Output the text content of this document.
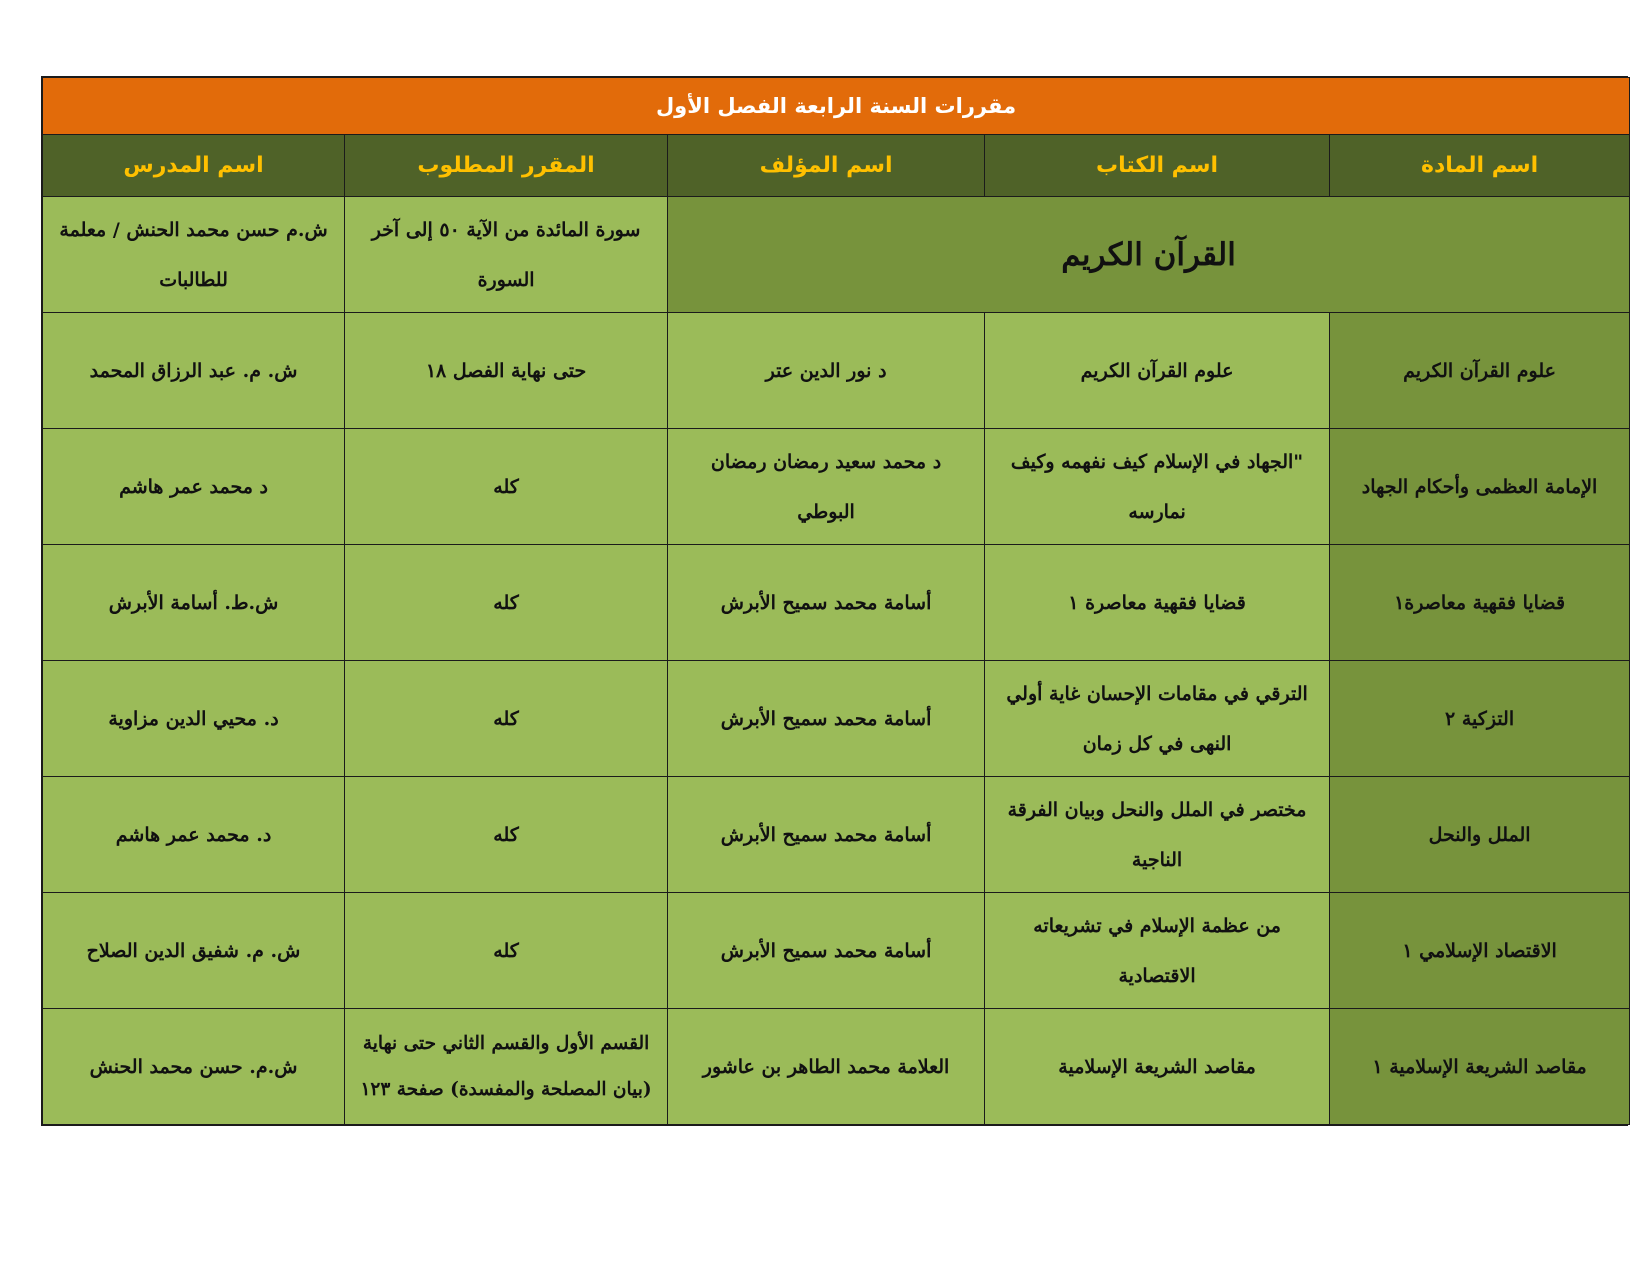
مقررات السنة الرابعة الفصل الأول				
اسم المادة	اسم الكتاب	اسم المؤلف	المقرر المطلوب	اسم المدرس
القرآن الكريم			سورة المائدة من الآية ٥٠ إلى آخر السورة	ش.م حسن محمد الحنش / معلمة للطالبات
علوم القرآن الكريم	علوم القرآن الكريم	د نور الدين عتر	حتى نهاية الفصل ١٨	ش. م. عبد الرزاق المحمد
الإمامة العظمى وأحكام الجهاد	"الجهاد في الإسلام كيف نفهمه وكيف نمارسه	د محمد سعيد رمضان رمضان البوطي	كله	د محمد عمر هاشم
قضايا فقهية معاصرة١	قضايا فقهية معاصرة ١	أسامة محمد سميح الأبرش	كله	ش.ط. أسامة الأبرش
التزكية ٢	الترقي في مقامات الإحسان غاية أولي النهى في كل زمان	أسامة محمد سميح الأبرش	كله	د. محيي الدين مزاوية
الملل والنحل	مختصر في الملل والنحل وبيان الفرقة الناجية	أسامة محمد سميح الأبرش	كله	د. محمد عمر هاشم
الاقتصاد الإسلامي ١	من عظمة الإسلام في تشريعاته الاقتصادية	أسامة محمد سميح الأبرش	كله	ش. م. شفيق الدين الصلاح
مقاصد الشريعة الإسلامية ١	مقاصد الشريعة الإسلامية	العلامة محمد الطاهر بن عاشور	القسم الأول والقسم الثاني حتى نهاية (بيان المصلحة والمفسدة) صفحة ١٢٣	ش.م. حسن محمد الحنش
